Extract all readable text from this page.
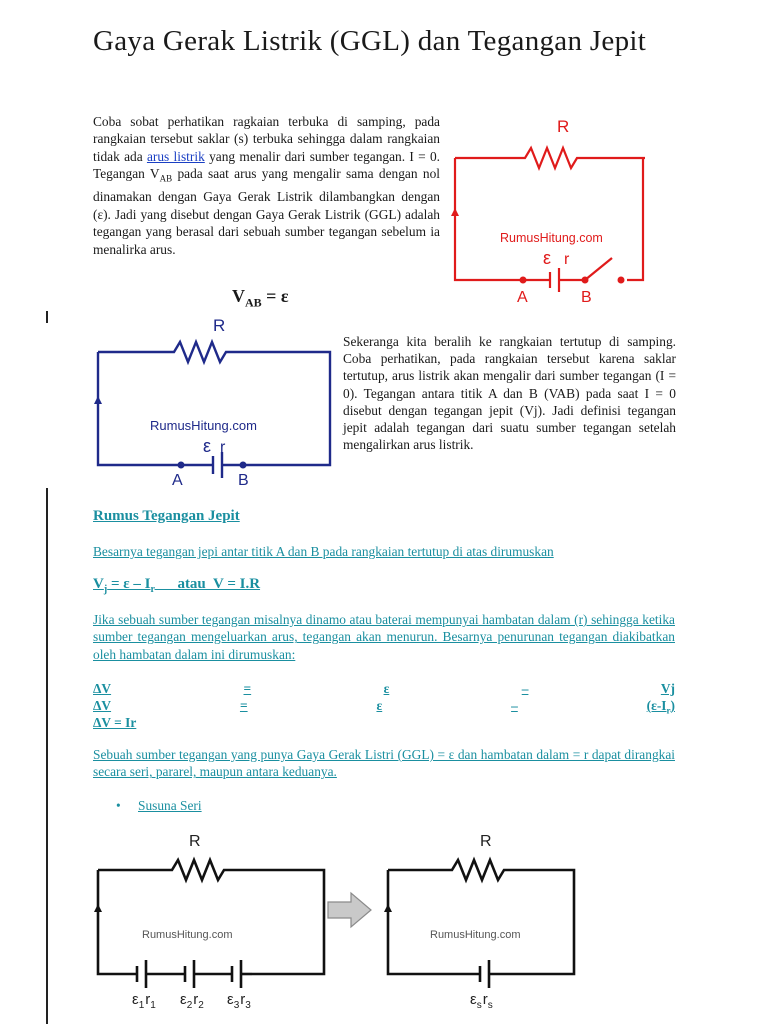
Gaya Gerak Listrik (GGL) dan Tegangan Jepit

Coba sobat perhatikan ragkaian terbuka di samping, pada rangkaian tersebut saklar (s) terbuka sehingga dalam rangkaian tidak ada arus listrik yang menalir dari sumber tegangan. I = 0. Tegangan $V_{AB}$ pada saat arus yang mengalir sama dengan nol dinamakan dengan Gaya Gerak Listrik dilambangkan dengan (ε). Jadi yang disebut dengan Gaya Gerak Listrik (GGL) adalah tegangan yang berasal dari sebuah sumber tegangan sebelum ia menalirka arus.

R
RumusHitung.com
ε r
A	B
$V_{AB} = \varepsilon$
R
RumusHitung.com
ε r
A	B

Sekeranga kita beralih ke rangkaian tertutup di samping. Coba perhatikan, pada rangkaian tersebut karena saklar tertutup, arus listrik akan mengalir dari sumber tegangan (I = 0). Tegangan antara titik A dan B (VAB) pada saat I = 0 disebut dengan tegangan jepit (Vj). Jadi definisi tegangan jepit adalah tegangan dari suatu sumber tegangan setelah mengalirkan arus listrik.

Rumus Tegangan Jepit
Besarnya tegangan jepi antar titik A dan B pada rangkaian tertutup di atas dirumuskan
$V_j = \varepsilon - I_r$      atau  V = I.R

Jika sebuah sumber tegangan misalnya dinamo atau baterai mempunyai hambatan dalam (r) sehingga ketika sumber tegangan mengeluarkan arus, tegangan akan menurun. Besarnya penurunan tegangan diakibatkan oleh hambatan dalam ini dirumuskan:

ΔV	=	ε	–	Vj
ΔV	=	ε	–	$(\varepsilon-I_r)$
ΔV = Ir

Sebuah sumber tegangan yang punya Gaya Gerak Listri (GGL) = ε dan hambatan dalam = r dapat dirangkai secara seri, pararel, maupun antara keduanya.

• Susuna Seri
R
RumusHitung.com
$\varepsilon_1r_1$ $\varepsilon_2r_2$ $\varepsilon_3r_3$
R
RumusHitung.com
$\varepsilon_sr_s$
